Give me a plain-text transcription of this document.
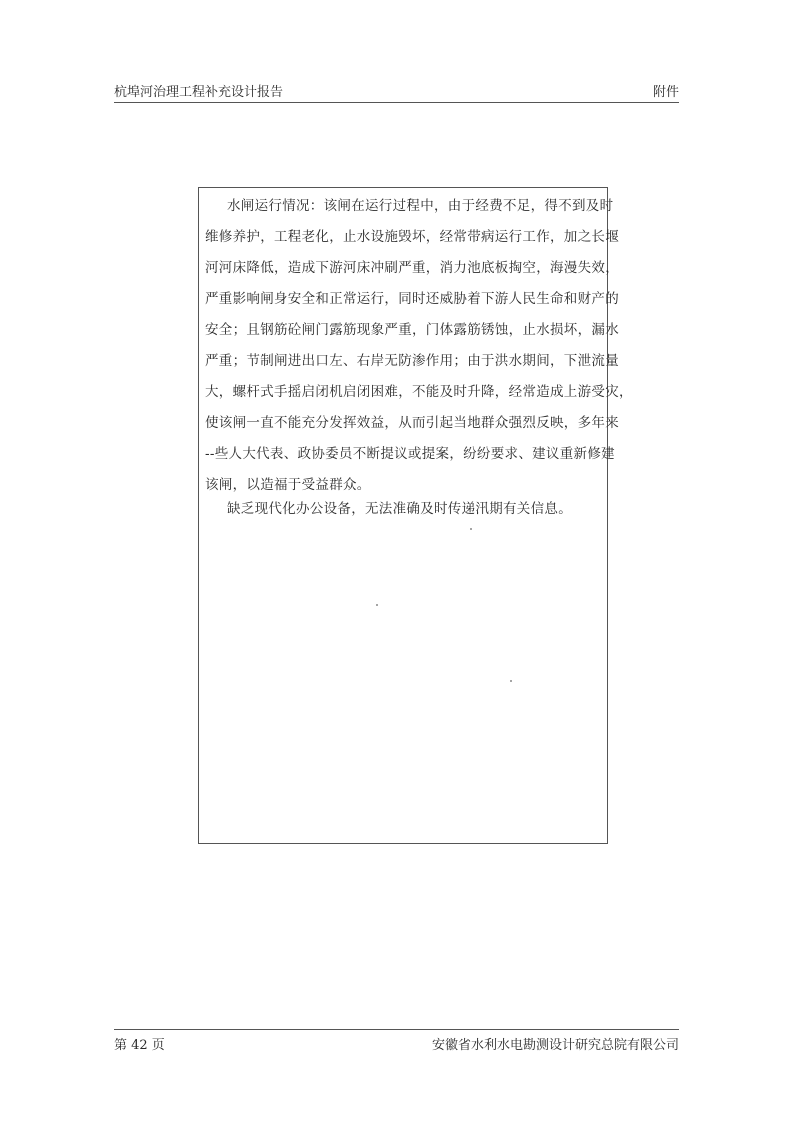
杭埠河治理工程补充设计报告	附件
水闸运行情况：该闸在运行过程中，由于经费不足，得不到及时
维修养护，工程老化，止水设施毁坏，经常带病运行工作，加之长堰
河河床降低，造成下游河床冲刷严重，消力池底板掏空，海漫失效，
严重影响闸身安全和正常运行，同时还威胁着下游人民生命和财产的
安全；且钢筋砼闸门露筋现象严重，门体露筋锈蚀，止水损坏，漏水
严重；节制闸进出口左、右岸无防渗作用；由于洪水期间，下泄流量
大，螺杆式手摇启闭机启闭困难，不能及时升降，经常造成上游受灾，
使该闸一直不能充分发挥效益，从而引起当地群众强烈反映，多年来
--些人大代表、政协委员不断提议或提案，纷纷要求、建议重新修建
该闸，以造福于受益群众。
缺乏现代化办公设备，无法准确及时传递汛期有关信息。
第 42 页	安徽省水利水电勘测设计研究总院有限公司
